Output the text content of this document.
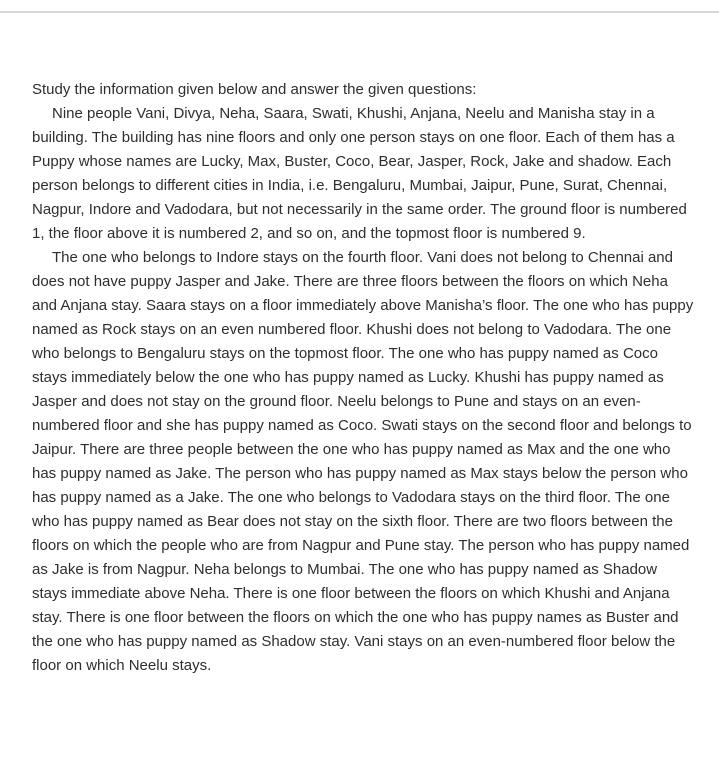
Study the information given below and answer the given questions:

Nine people Vani, Divya, Neha, Saara, Swati, Khushi, Anjana, Neelu and Manisha stay in a building. The building has nine floors and only one person stays on one floor. Each of them has a Puppy whose names are Lucky, Max, Buster, Coco, Bear, Jasper, Rock, Jake and shadow. Each person belongs to different cities in India, i.e. Bengaluru, Mumbai, Jaipur, Pune, Surat, Chennai, Nagpur, Indore and Vadodara, but not necessarily in the same order. The ground floor is numbered 1, the floor above it is numbered 2, and so on, and the topmost floor is numbered 9.

The one who belongs to Indore stays on the fourth floor. Vani does not belong to Chennai and does not have puppy Jasper and Jake. There are three floors between the floors on which Neha and Anjana stay. Saara stays on a floor immediately above Manisha’s floor. The one who has puppy named as Rock stays on an even numbered floor. Khushi does not belong to Vadodara. The one who belongs to Bengaluru stays on the topmost floor. The one who has puppy named as Coco stays immediately below the one who has puppy named as Lucky. Khushi has puppy named as Jasper and does not stay on the ground floor. Neelu belongs to Pune and stays on an even-numbered floor and she has puppy named as Coco. Swati stays on the second floor and belongs to Jaipur. There are three people between the one who has puppy named as Max and the one who has puppy named as Jake. The person who has puppy named as Max stays below the person who has puppy named as a Jake. The one who belongs to Vadodara stays on the third floor. The one who has puppy named as Bear does not stay on the sixth floor. There are two floors between the floors on which the people who are from Nagpur and Pune stay. The person who has puppy named as Jake is from Nagpur. Neha belongs to Mumbai. The one who has puppy named as Shadow stays immediate above Neha. There is one floor between the floors on which Khushi and Anjana stay. There is one floor between the floors on which the one who has puppy names as Buster and the one who has puppy named as Shadow stay. Vani stays on an even-numbered floor below the floor on which Neelu stays.
